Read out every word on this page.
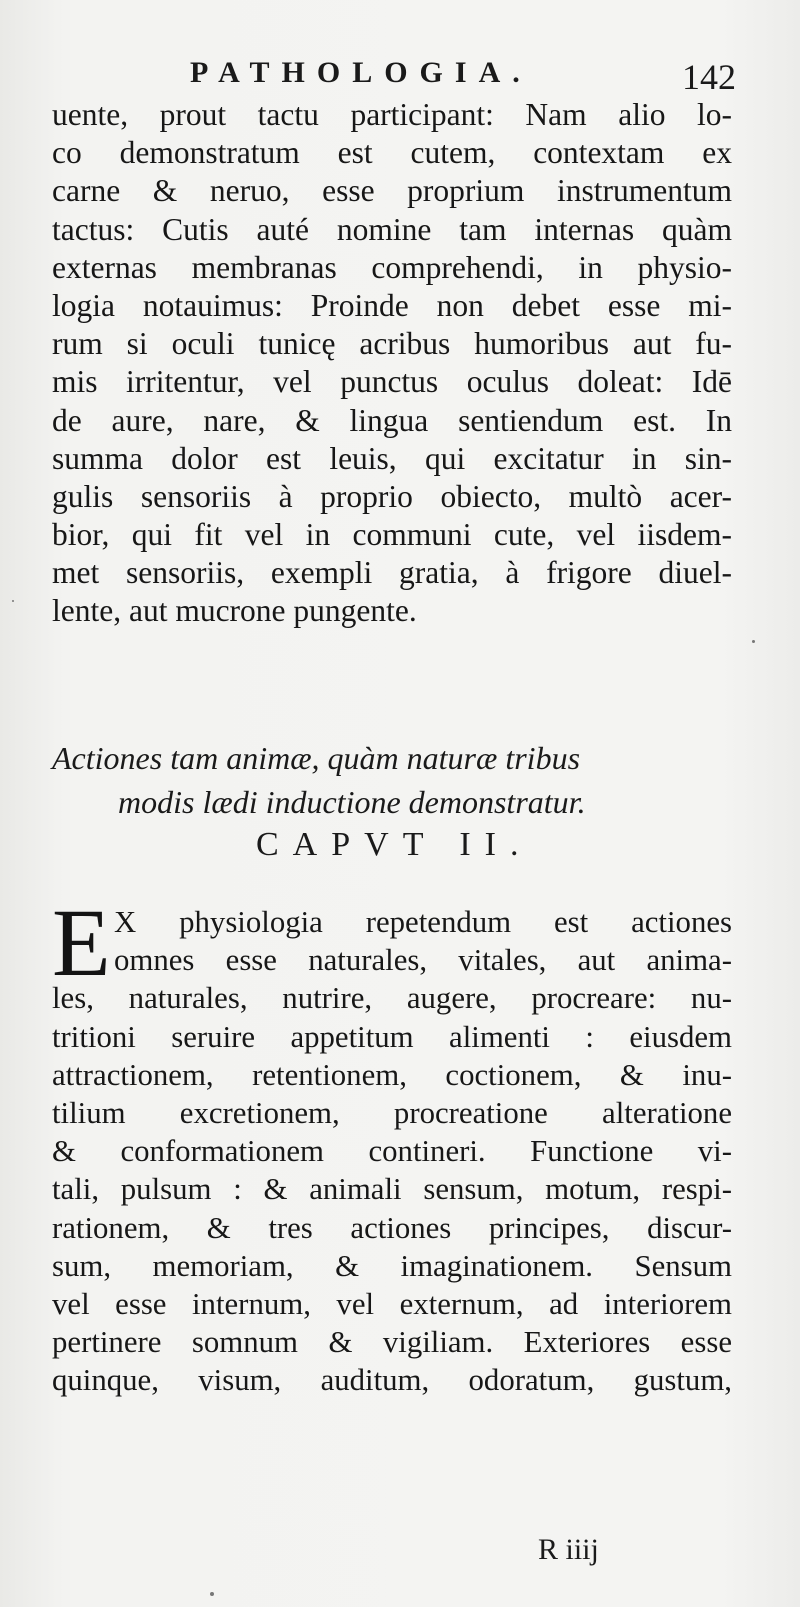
PATHOLOGIA.	142
uente, prout tactu participant: Nam alio lo-
co demonstratum est cutem, contextam ex
carne & neruo, esse proprium instrumentum
tactus: Cutis auté nomine tam internas quàm
externas membranas comprehendi, in physio-
logia notauimus: Proinde non debet esse mi-
rum si oculi tunicę acribus humoribus aut fu-
mis irritentur, vel punctus oculus doleat: Idē
de aure, nare, & lingua sentiendum est. In
summa dolor est leuis, qui excitatur in sin-
gulis sensoriis à proprio obiecto, multò acer-
bior, qui fit vel in communi cute, vel iisdem-
met sensoriis, exempli gratia, à frigore diuel-
lente, aut mucrone pungente.
Actiones tam animæ, quàm naturæ tribus
modis lædi inductione demonstratur.
CAPVT II.
E X physiologia repetendum est actiones
omnes esse naturales, vitales, aut anima-
les, naturales, nutrire, augere, procreare: nu-
tritioni seruire appetitum alimenti : eiusdem
attractionem, retentionem, coctionem, & inu-
tilium excretionem, procreatione alteratione
& conformationem contineri. Functione vi-
tali, pulsum : & animali sensum, motum, respi-
rationem, & tres actiones principes, discur-
sum, memoriam, & imaginationem. Sensum
vel esse internum, vel externum, ad interiorem
pertinere somnum & vigiliam. Exteriores esse
quinque, visum, auditum, odoratum, gustum,
R iiij
